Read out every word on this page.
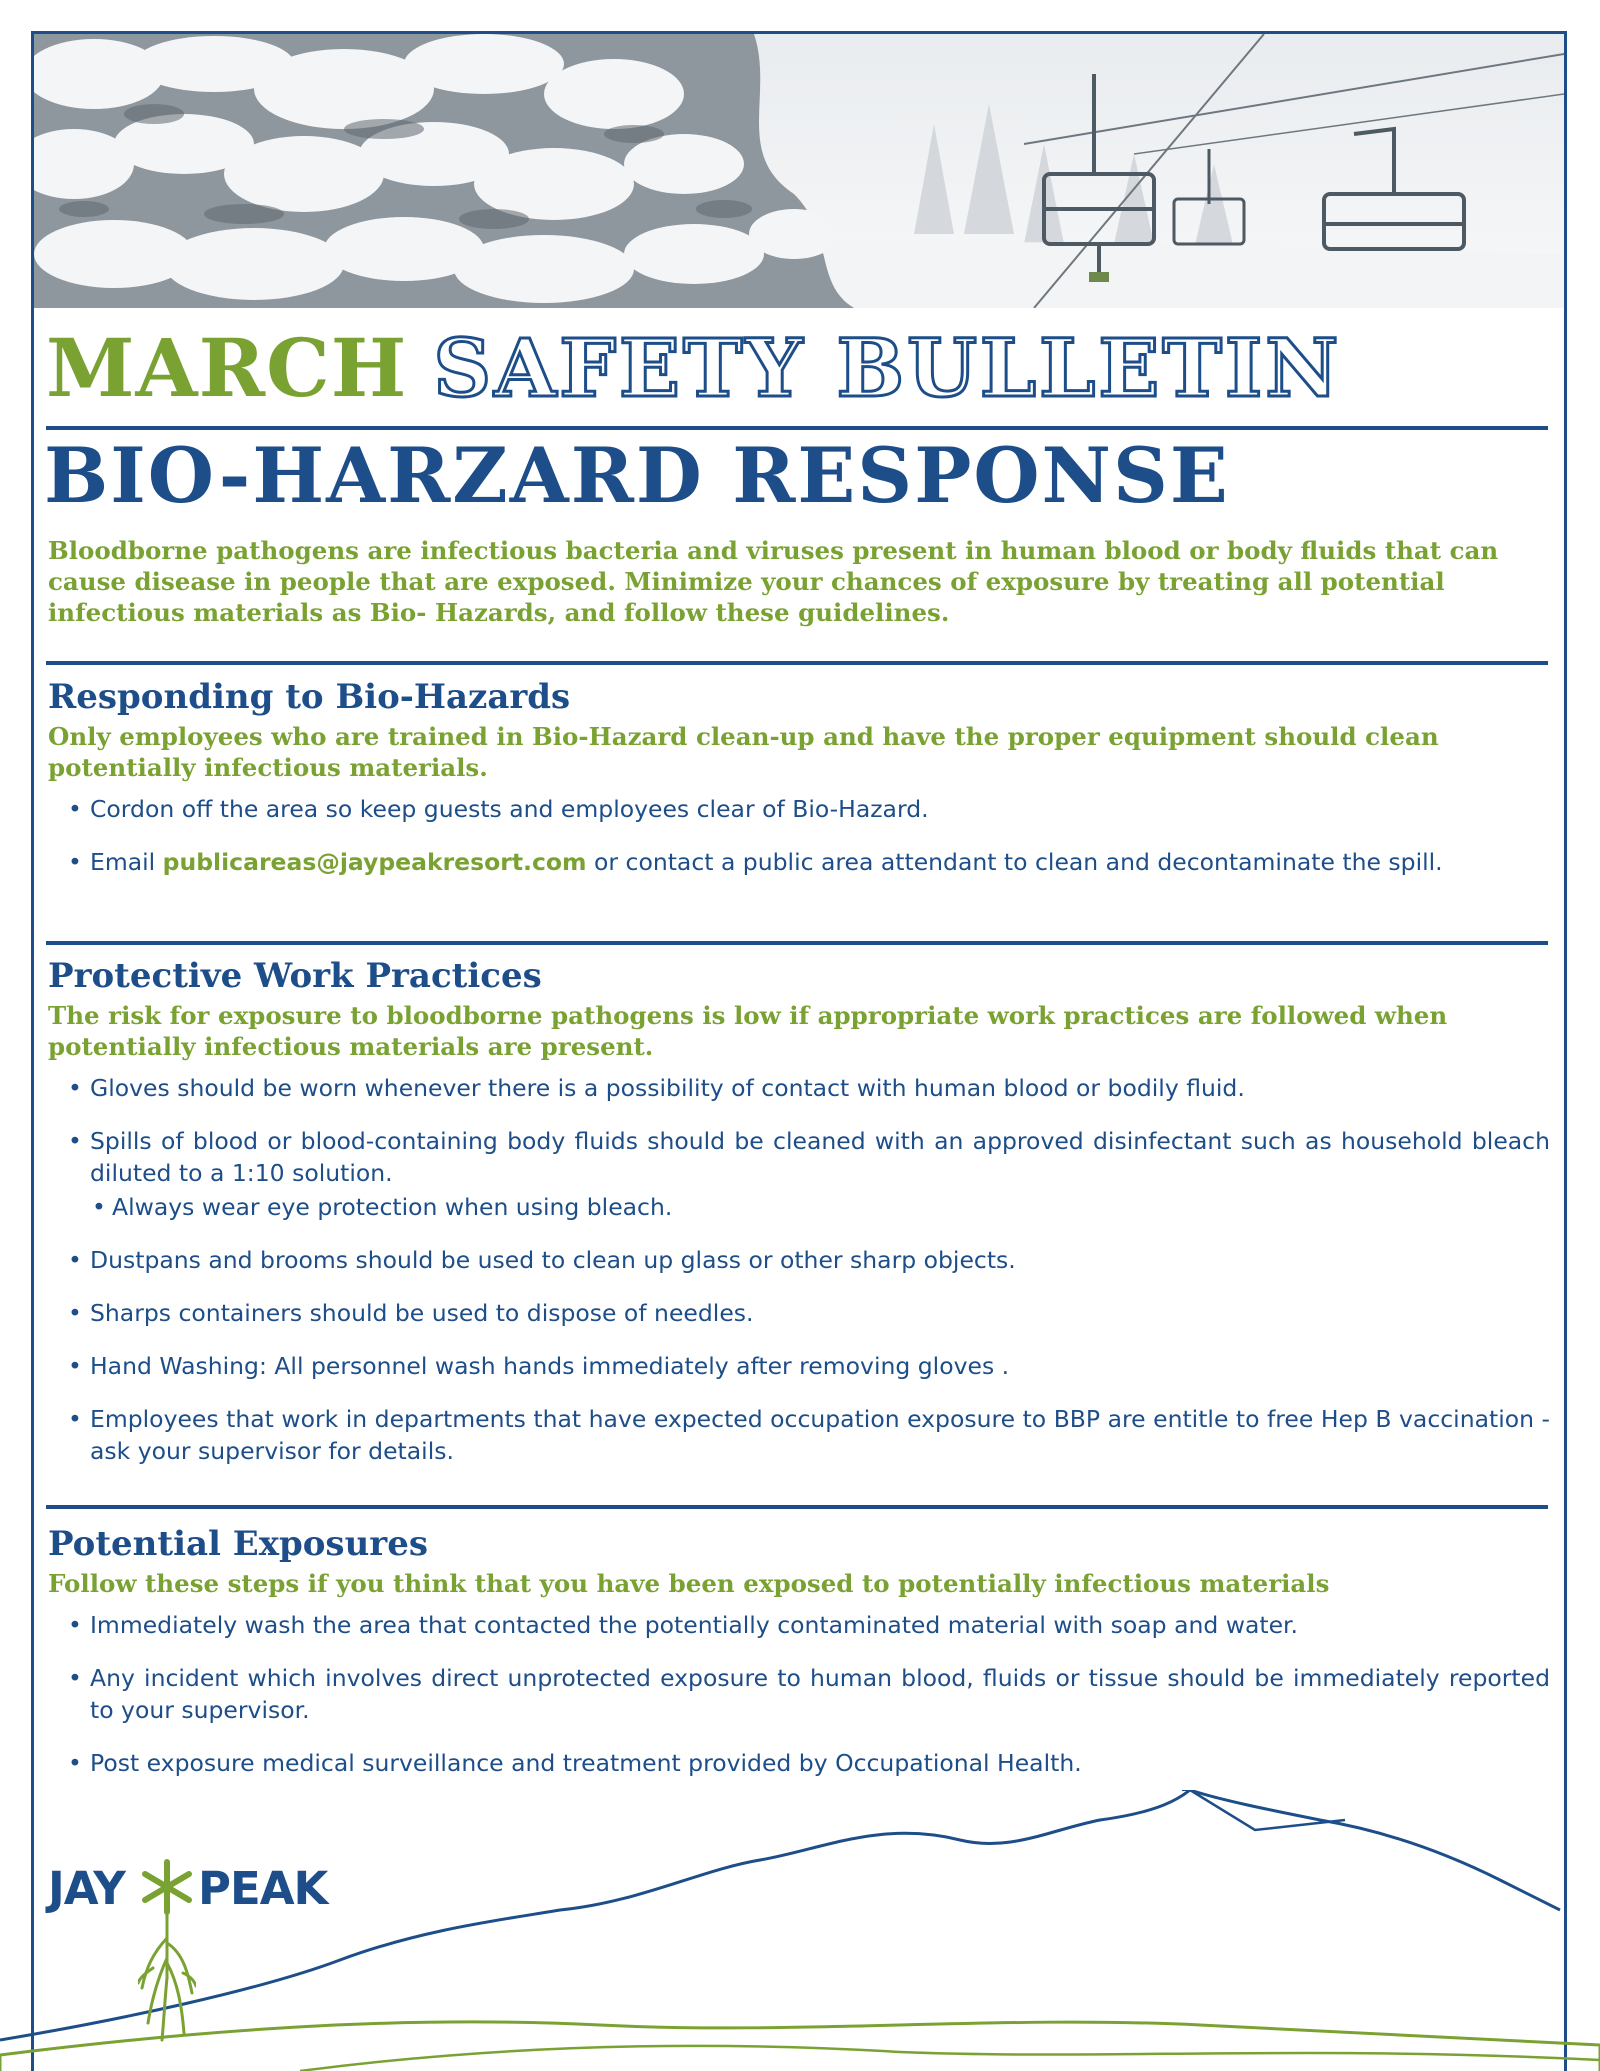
MARCH SAFETY BULLETIN
BIO-HARZARD RESPONSE
Bloodborne pathogens are infectious bacteria and viruses present in human blood or body fluids that can cause disease in people that are exposed. Minimize your chances of exposure by treating all potential infectious materials as Bio- Hazards, and follow these guidelines.
Responding to Bio-Hazards

Only employees who are trained in Bio-Hazard clean-up and have the proper equipment should clean potentially infectious materials.

• Cordon off the area so keep guests and employees clear of Bio-Hazard.
• Email publicareas@jaypeakresort.com or contact a public area attendant to clean and decontaminate the spill.
Protective Work Practices

The risk for exposure to bloodborne pathogens is low if appropriate work practices are followed when potentially infectious materials are present.

• Gloves should be worn whenever there is a possibility of contact with human blood or bodily fluid.
• Spills of blood or blood-containing body fluids should be cleaned with an approved disinfectant such as household bleach diluted to a 1:10 solution.
• Always wear eye protection when using bleach.
• Dustpans and brooms should be used to clean up glass or other sharp objects.
• Sharps containers should be used to dispose of needles.
• Hand Washing: All personnel wash hands immediately after removing gloves .
• Employees that work in departments that have expected occupation exposure to BBP are entitle to free Hep B vaccination - ask your supervisor for details.
Potential Exposures

Follow these steps if you think that you have been exposed to potentially infectious materials

• Immediately wash the area that contacted the potentially contaminated material with soap and water.
• Any incident which involves direct unprotected exposure to human blood, fluids or tissue should be immediately reported to your supervisor.
• Post exposure medical surveillance and treatment provided by Occupational Health.
JAY PEAK
